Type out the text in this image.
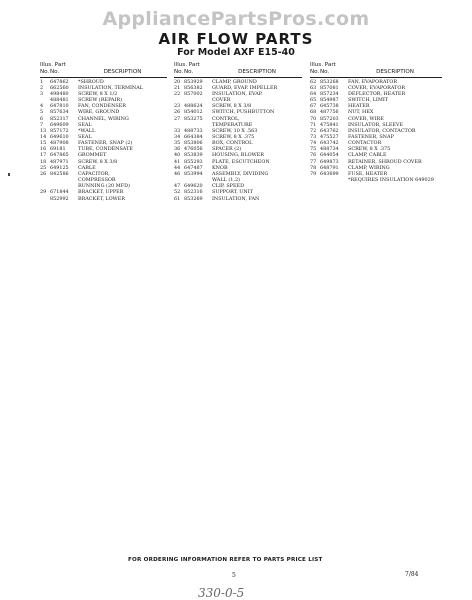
AppliancePartsPros.com
AIR FLOW PARTS
For Model AXF E15-40
Illus. Part
No. No.	DESCRIPTION
1	647862	*SHROUD
2	662560	INSULATION, TERMINAL
3	498480	SCREW, 8 X 1/2
488481	SCREW (REPAIR)
4	647810	FAN, CONDENSER
5	857634	WIRE, GROUND
6	852317	CHANNEL, WIRING
7	649609	SEAL
13 857172	*WALL
14 649610	SEAL
15 487908	FASTENER, SNAP (2)
16 69181	TUBE, CONDENSATE
17 647865	GROMMET
18 487971	SCREW, 8 X 3/8
25 649125	CABLE
26 842586	CAPACITOR,
COMPRESSOR
RUNNING (20 MFD)
29 671844	BRACKET, UPPER
852992	BRACKET, LOWER
Illus. Part
No. No.	DESCRIPTION
20 853929	CLAMP, GROUND
21 856382	GUARD, EVAP. IMPELLER
22 857002	INSULATION, EVAP.
COVER
23 488624	SCREW, 8 X 3/8
26 854012	SWITCH, PUSHBUTTON
27 853275	CONTROL,
TEMPERATURE
33 488733	SCREW, 10 X .563
34 664384	SCREW, 8 X .375
35 853806	BOX, CONTROL
36 476056	SPACER (2)
40 853839	HOUSING, BLOWER
41 855293	PLATE, ESCUTCHEON
44 647487	KNOB
46 853994	ASSEMBLY, DIVIDING
WALL (1,2)
47 649620	CLIP, SPEED
52 852316	SUPPORT, UNIT
61 853269	INSULATION, FAN
Illus. Part
No. No.	DESCRIPTION
62 853268	FAN, EVAPORATOR
63 857081	COVER, EVAPORATOR
64 857234	DEFLECTOR, HEATER
65 854987	SWITCH, LIMIT
67 645738	HEATER
68 487756	NUT, HEX
70 857203	COVER, WIRE
71 475841	INSULATOR, SLEEVE
72 643762	INSULATOR, CONTACTOR
73 475527	FASTENER, SNAP
74 643742	CONTACTOR
75 488734	SCREW, 8 X .375
76 644054	CLAMP, CABLE
77 649873	RETAINER, SHROUD COVER
78 648791	CLAMP, WIRING
79 643699	FUSE, HEATER
*REQUIRES INSULATION 649029
FOR ORDERING INFORMATION REFER TO PARTS PRICE LIST
5	7/84
330-0-5
